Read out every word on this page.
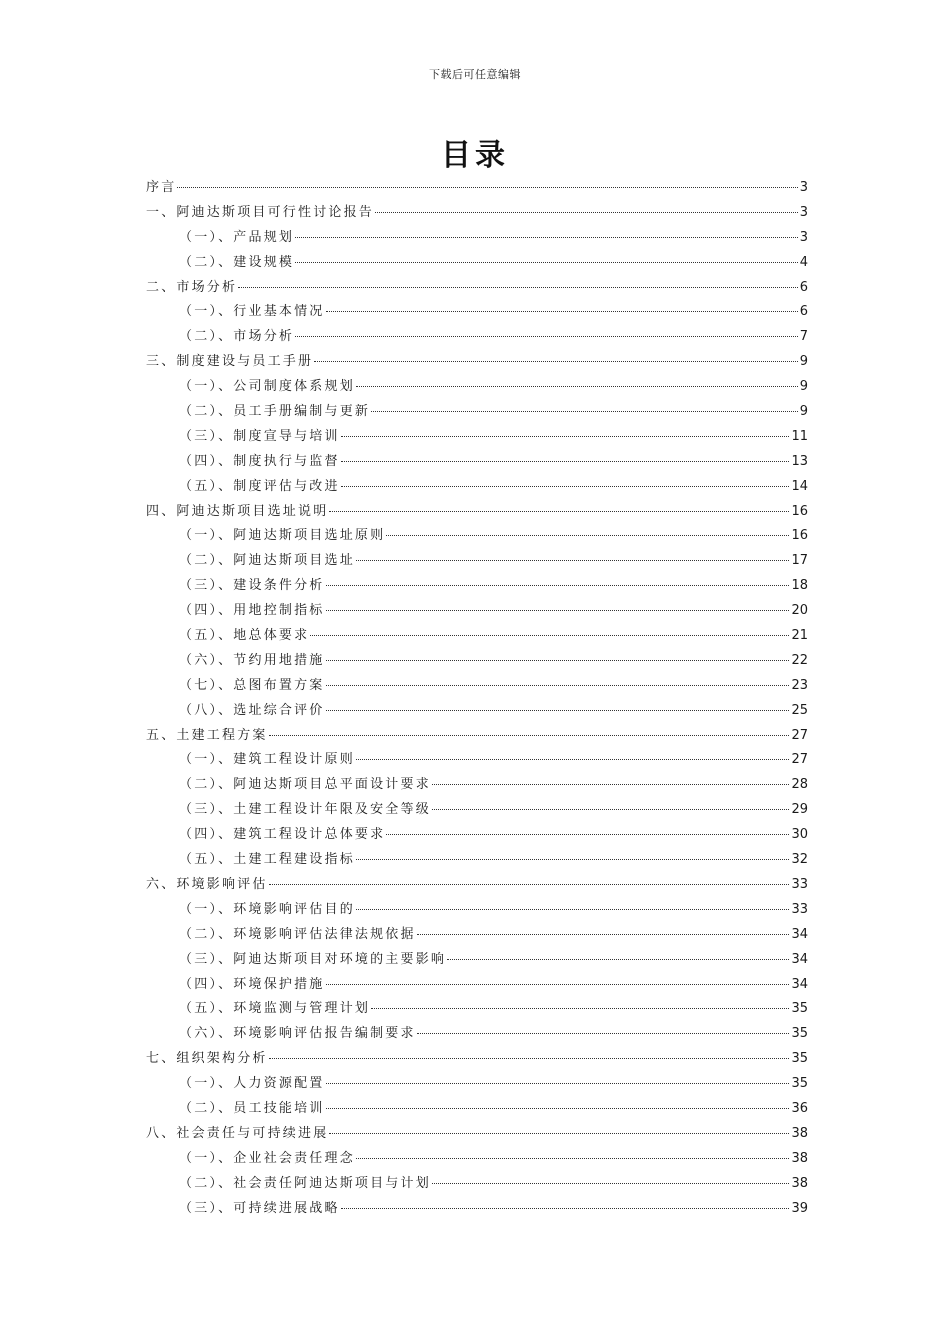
下载后可任意编辑
目录
序言	3
一、阿迪达斯项目可行性讨论报告	3
（一）、产品规划	3
（二）、建设规模	4
二、市场分析	6
（一）、行业基本情况	6
（二）、市场分析	7
三、制度建设与员工手册	9
（一）、公司制度体系规划	9
（二）、员工手册编制与更新	9
（三）、制度宣导与培训	11
（四）、制度执行与监督	13
（五）、制度评估与改进	14
四、阿迪达斯项目选址说明	16
（一）、阿迪达斯项目选址原则	16
（二）、阿迪达斯项目选址	17
（三）、建设条件分析	18
（四）、用地控制指标	20
（五）、地总体要求	21
（六）、节约用地措施	22
（七）、总图布置方案	23
（八）、选址综合评价	25
五、土建工程方案	27
（一）、建筑工程设计原则	27
（二）、阿迪达斯项目总平面设计要求	28
（三）、土建工程设计年限及安全等级	29
（四）、建筑工程设计总体要求	30
（五）、土建工程建设指标	32
六、环境影响评估	33
（一）、环境影响评估目的	33
（二）、环境影响评估法律法规依据	34
（三）、阿迪达斯项目对环境的主要影响	34
（四）、环境保护措施	34
（五）、环境监测与管理计划	35
（六）、环境影响评估报告编制要求	35
七、组织架构分析	35
（一）、人力资源配置	35
（二）、员工技能培训	36
八、社会责任与可持续进展	38
（一）、企业社会责任理念	38
（二）、社会责任阿迪达斯项目与计划	38
（三）、可持续进展战略	39
